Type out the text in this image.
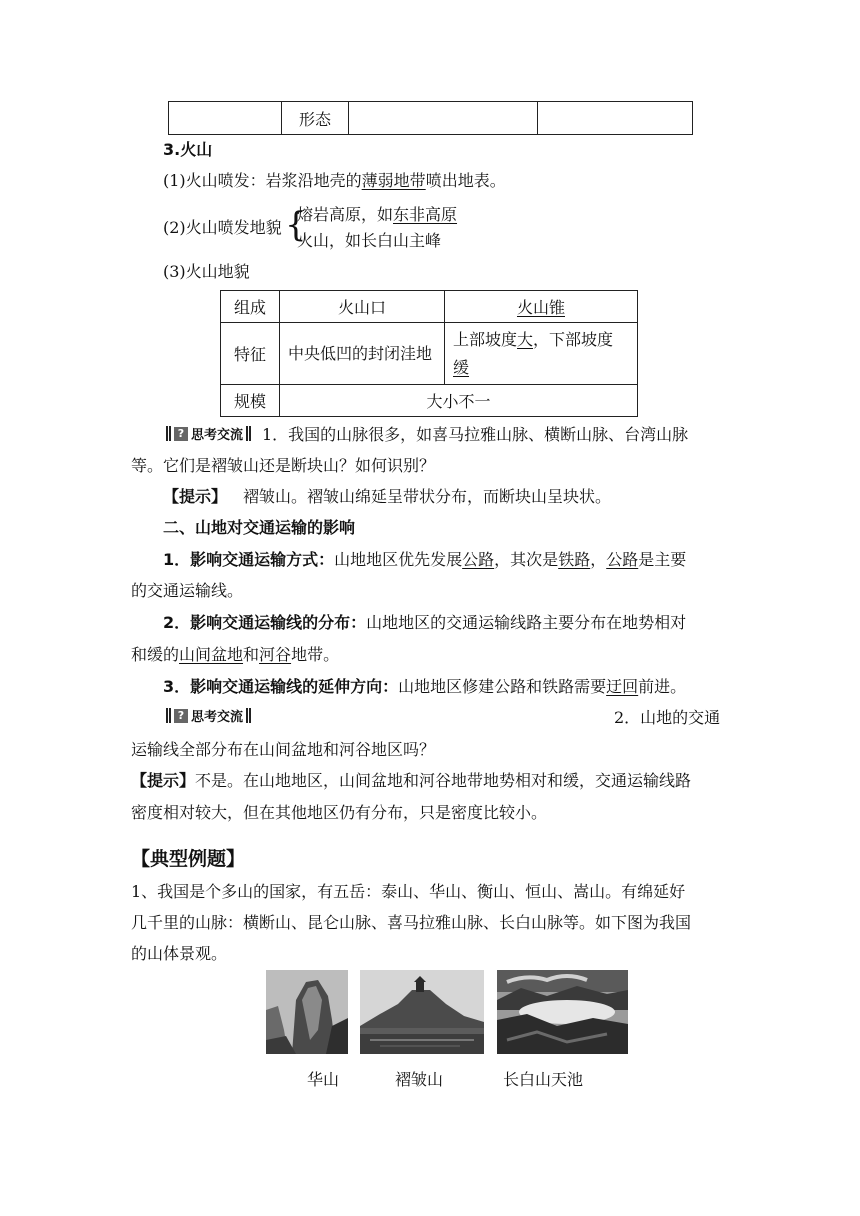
	形态		
3.火山
(1)火山喷发：岩浆沿地壳的薄弱地带喷出地表。
(2)火山喷发地貌 {
熔岩高原，如东非高原
火山，如长白山主峰
(3)火山地貌
组成	火山口	火山锥
特征	中央低凹的封闭洼地	上部坡度大，下部坡度
缓
规模	大小不一	
? 思考交流 1．我国的山脉很多，如喜马拉雅山脉、横断山脉、台湾山脉
等。它们是褶皱山还是断块山？如何识别？
【提示】 褶皱山。褶皱山绵延呈带状分布，而断块山呈块状。
二、山地对交通运输的影响
1．影响交通运输方式：山地地区优先发展公路，其次是铁路，公路是主要
的交通运输线。
2．影响交通运输线的分布：山地地区的交通运输线路主要分布在地势相对
和缓的山间盆地和河谷地带。
3．影响交通运输线的延伸方向：山地地区修建公路和铁路需要迂回前进。
? 思考交流	2．山地的交通
运输线全部分布在山间盆地和河谷地区吗？
【提示】不是。在山地地区，山间盆地和河谷地带地势相对和缓，交通运输线路
密度相对较大，但在其他地区仍有分布，只是密度比较小。
【典型例题】
1、我国是个多山的国家，有五岳：泰山、华山、衡山、恒山、嵩山。有绵延好
几千里的山脉：横断山、昆仑山脉、喜马拉雅山脉、长白山脉等。如下图为我国
的山体景观。
华山	褶皱山	长白山天池
